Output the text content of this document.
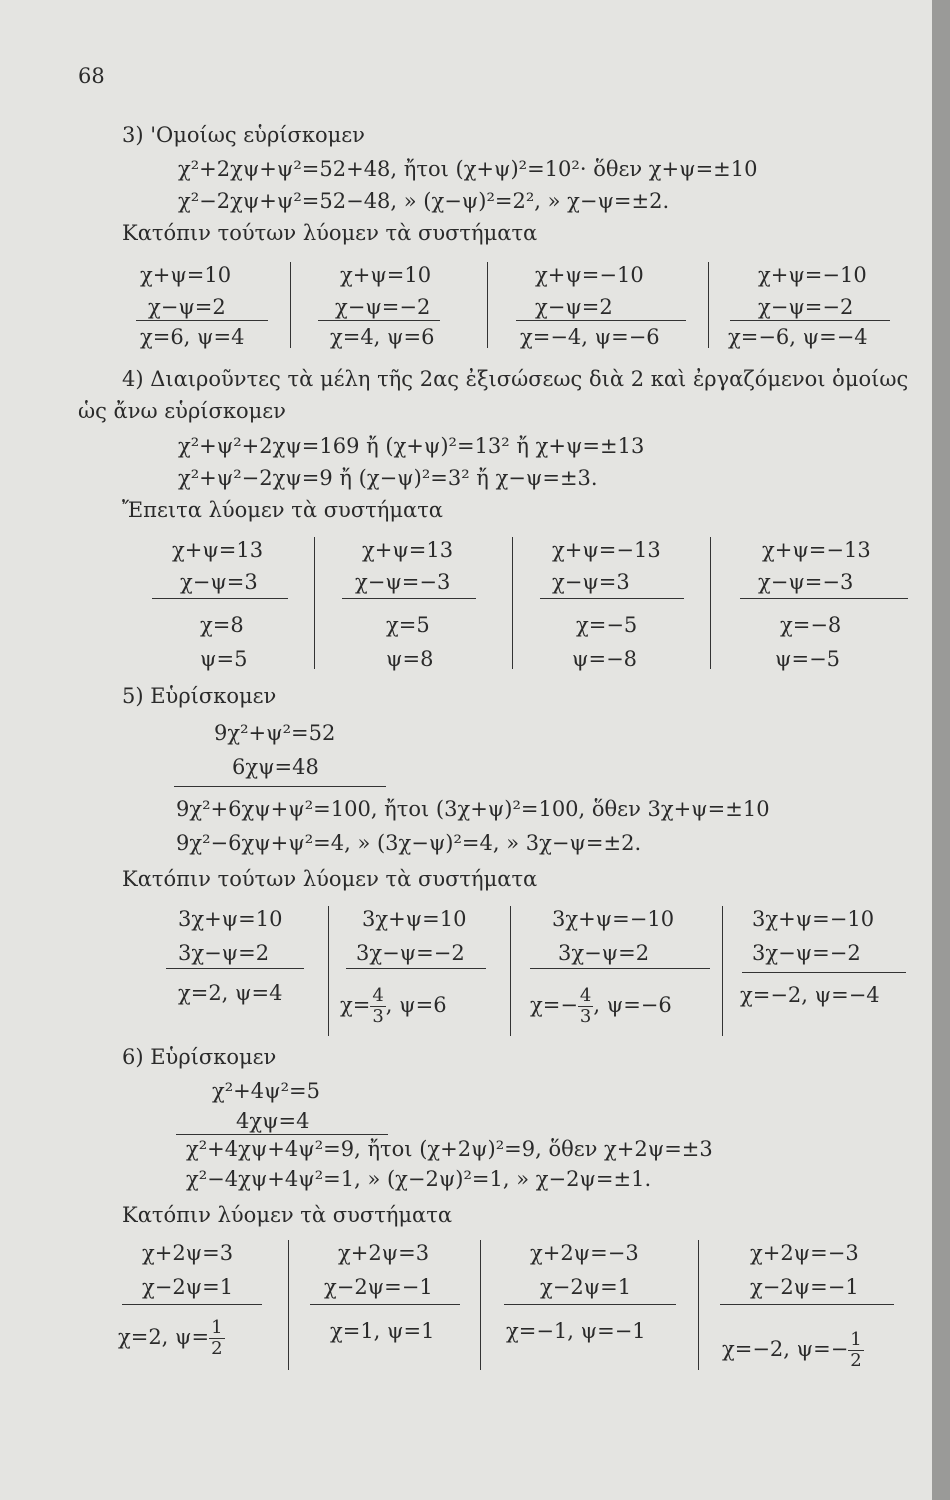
68
3) 'Ομοίως εὑρίσκομεν
χ²+2χψ+ψ²=52+48, ἤτοι (χ+ψ)²=10²· ὅθεν χ+ψ=±10
χ²−2χψ+ψ²=52−48, » (χ−ψ)²=2², » χ−ψ=±2.
Κατόπιν τούτων λύομεν τὰ συστήματα
χ+ψ=10
χ−ψ=2
χ=6, ψ=4
χ+ψ=10
χ−ψ=−2
χ=4, ψ=6
χ+ψ=−10
χ−ψ=2
χ=−4, ψ=−6
χ+ψ=−10
χ−ψ=−2
χ=−6, ψ=−4
4) Διαιροῦντες τὰ μέλη τῆς 2ας ἐξισώσεως διὰ 2 καὶ ἐργαζόμενοι ὁμοίως
ὡς ἄνω εὑρίσκομεν
χ²+ψ²+2χψ=169 ἤ (χ+ψ)²=13² ἤ χ+ψ=±13
χ²+ψ²−2χψ=9 ἤ (χ−ψ)²=3² ἤ χ−ψ=±3.
Ἔπειτα λύομεν τὰ συστήματα
χ+ψ=13
χ−ψ=3
χ=8
ψ=5
χ+ψ=13
χ−ψ=−3
χ=5
ψ=8
χ+ψ=−13
χ−ψ=3
χ=−5
ψ=−8
χ+ψ=−13
χ−ψ=−3
χ=−8
ψ=−5
5) Εὑρίσκομεν
9χ²+ψ²=52
6χψ=48
9χ²+6χψ+ψ²=100, ἤτοι (3χ+ψ)²=100, ὅθεν 3χ+ψ=±10
9χ²−6χψ+ψ²=4, » (3χ−ψ)²=4, » 3χ−ψ=±2.
Κατόπιν τούτων λύομεν τὰ συστήματα
3χ+ψ=10
3χ−ψ=2
χ=2, ψ=4
3χ+ψ=10
3χ−ψ=−2
$\chi= \frac{4}{3}$ , ψ=6
3χ+ψ=−10
3χ−ψ=2
$\chi=- \frac{4}{3}$ , ψ=−6
3χ+ψ=−10
3χ−ψ=−2
χ=−2, ψ=−4
6) Εὑρίσκομεν
χ²+4ψ²=5
4χψ=4
χ²+4χψ+4ψ²=9, ἤτοι (χ+2ψ)²=9, ὅθεν χ+2ψ=±3
χ²−4χψ+4ψ²=1, » (χ−2ψ)²=1, » χ−2ψ=±1.
Κατόπιν λύομεν τὰ συστήματα
χ+2ψ=3
χ−2ψ=1
χ=2, $\psi= \frac{1}{2}$
χ+2ψ=3
χ−2ψ=−1
χ=1, ψ=1
χ+2ψ=−3
χ−2ψ=1
χ=−1, ψ=−1
χ+2ψ=−3
χ−2ψ=−1
χ=−2, $\psi=- \frac{1}{2}$
